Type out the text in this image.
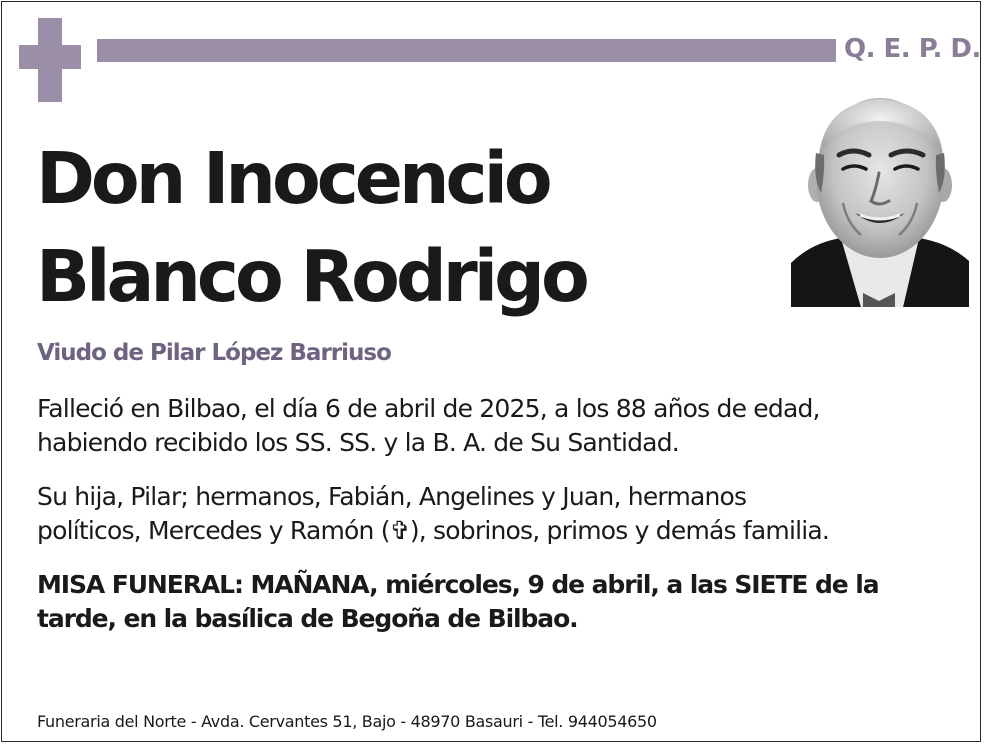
Q. E. P. D.
Don Inocencio
Blanco Rodrigo
Viudo de Pilar López Barriuso

Falleció en Bilbao, el día 6 de abril de 2025, a los 88 años de edad,
habiendo recibido los SS. SS. y la B. A. de Su Santidad.

Su hija, Pilar; hermanos, Fabián, Angelines y Juan, hermanos
políticos, Mercedes y Ramón (✞), sobrinos, primos y demás familia.

MISA FUNERAL: MAÑANA, miércoles, 9 de abril, a las SIETE de la
tarde, en la basílica de Begoña de Bilbao.

Funeraria del Norte - Avda. Cervantes 51, Bajo - 48970 Basauri - Tel. 944054650
